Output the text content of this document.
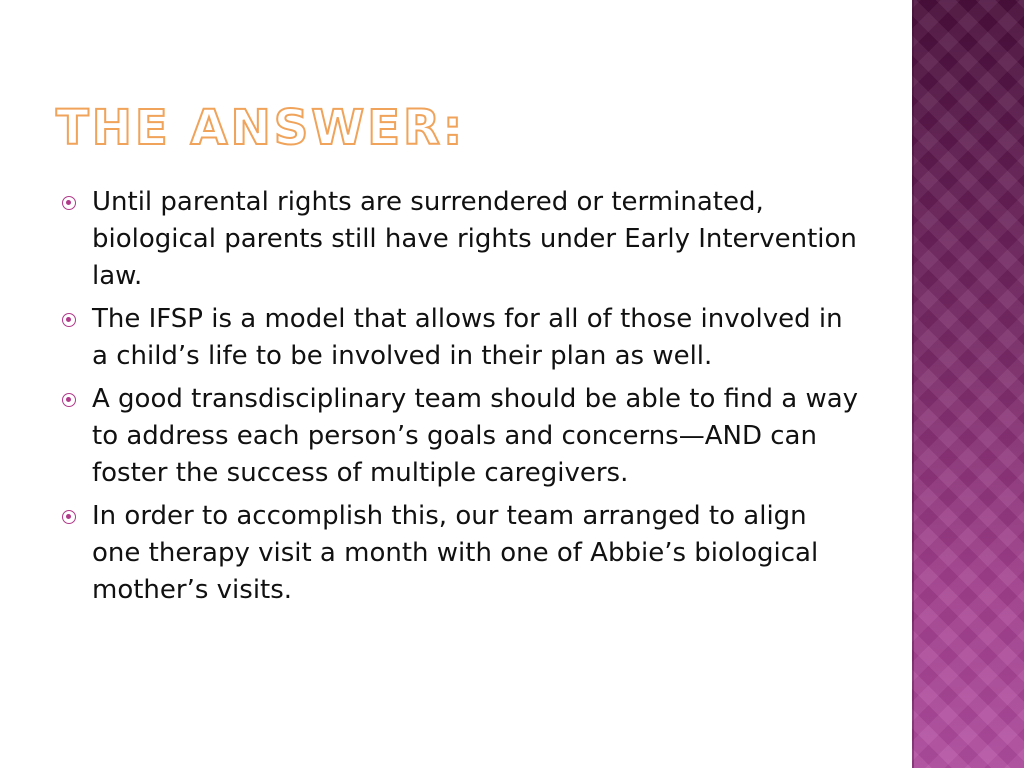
THE ANSWER:
Until parental rights are surrendered or terminated, biological parents still have rights under Early Intervention law.
The IFSP is a model that allows for all of those involved in a child’s life to be involved in their plan as well.
A good transdisciplinary team should be able to find a way to address each person’s goals and concerns—AND can foster the success of multiple caregivers.
In order to accomplish this, our team arranged to align one therapy visit a month with one of Abbie’s biological mother’s visits.
